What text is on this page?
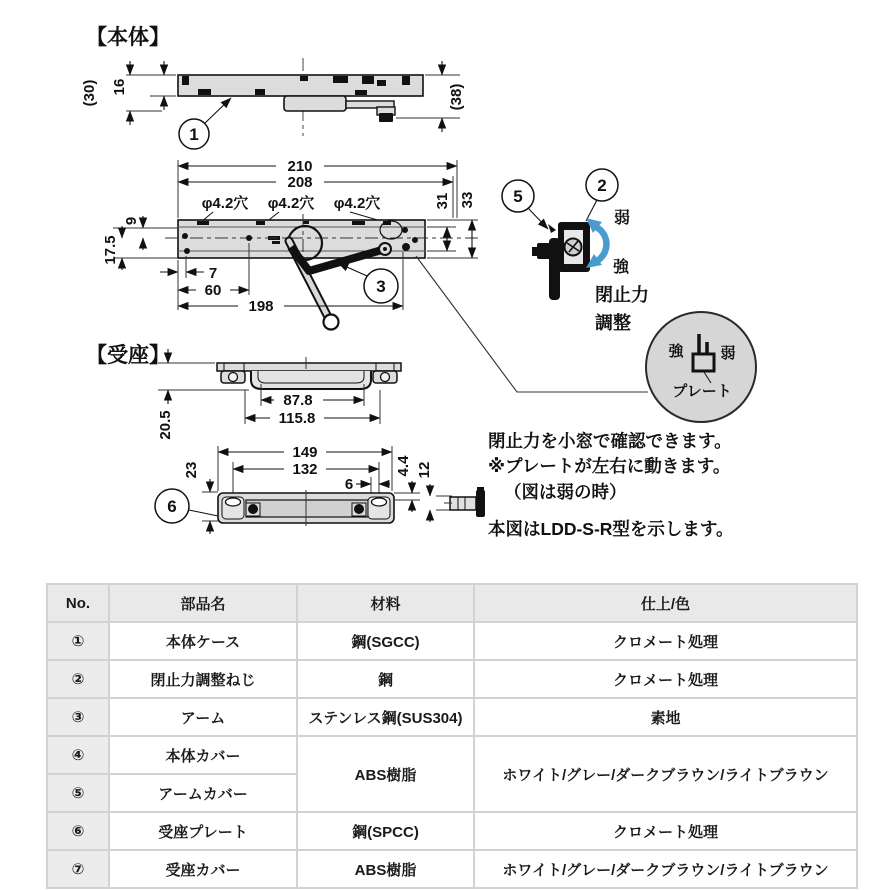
【本体】
(30) 16	(38)
1
210
208
φ4.2穴 φ4.2穴 φ4.2穴	31 33
9
17.5
7
60
198
3
5
2
弱
強
閉止力
調整
強 弱
プレート
【受座】
20.5
87.8
115.8
149
132
6
23	4.4 12
6
閉止力を小窓で確認できます。
※プレートが左右に動きます。
（図は弱の時）
本図はLDD-S-R型を示します。
No.	部品名	材料	仕上/色
①	本体ケース	鋼(SGCC)	クロメート処理
②	閉止力調整ねじ	鋼	クロメート処理
③	アーム	ステンレス鋼(SUS304)	素地
④	本体カバー	ABS樹脂	ホワイト/グレー/ダークブラウン/ライトブラウン
⑤	アームカバー		
⑥	受座プレート	鋼(SPCC)	クロメート処理
⑦	受座カバー	ABS樹脂	ホワイト/グレー/ダークブラウン/ライトブラウン
